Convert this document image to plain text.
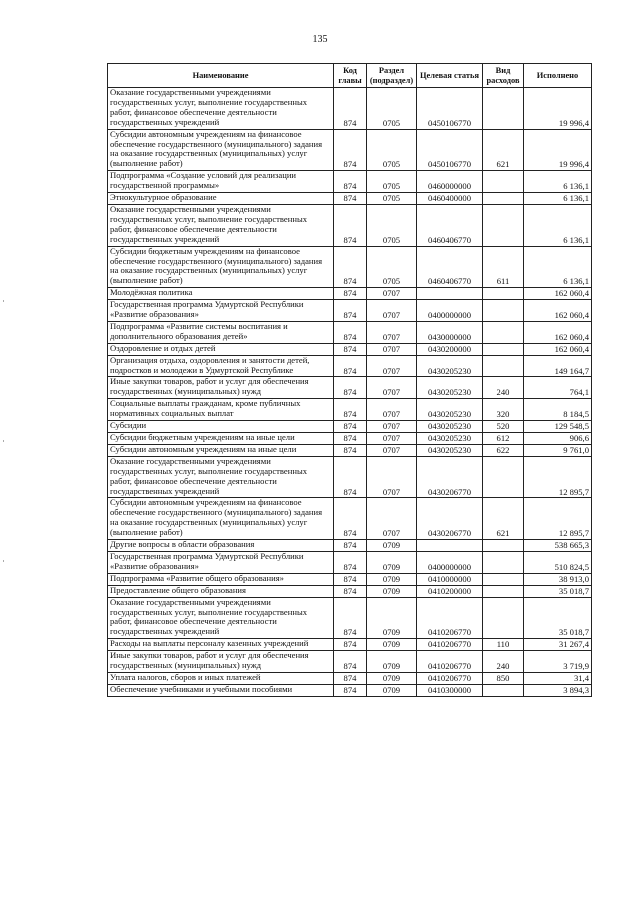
135
Наименование	Код главы	Раздел (подраздел)	Целевая статья	Вид расходов	Исполнено
Оказание государственными учреждениями государственных услуг, выполнение государственных работ, финансовое обеспечение деятельности государственных учреждений	874	0705	0450106770		19 996,4
Субсидии автономным учреждениям на финансовое обеспечение государственного (муниципального) задания на оказание государственных (муниципальных) услуг (выполнение работ)	874	0705	0450106770	621	19 996,4
Подпрограмма «Создание условий для реализации государственной программы»	874	0705	0460000000		6 136,1
Этнокультурное образование	874	0705	0460400000		6 136,1
Оказание государственными учреждениями государственных услуг, выполнение государственных работ, финансовое обеспечение деятельности государственных учреждений	874	0705	0460406770		6 136,1
Субсидии бюджетным учреждениям на финансовое обеспечение государственного (муниципального) задания на оказание государственных (муниципальных) услуг (выполнение работ)	874	0705	0460406770	611	6 136,1
Молодёжная политика	874	0707			162 060,4
Государственная программа Удмуртской Республики «Развитие образования»	874	0707	0400000000		162 060,4
Подпрограмма «Развитие системы воспитания и дополнительного образования детей»	874	0707	0430000000		162 060,4
Оздоровление и отдых детей	874	0707	0430200000		162 060,4
Организация отдыха, оздоровления и занятости детей, подростков и молодежи в Удмуртской Республике	874	0707	0430205230		149 164,7
Иные закупки товаров, работ и услуг для обеспечения государственных (муниципальных) нужд	874	0707	0430205230	240	764,1
Социальные выплаты гражданам, кроме публичных нормативных социальных выплат	874	0707	0430205230	320	8 184,5
Субсидии	874	0707	0430205230	520	129 548,5
Субсидии бюджетным учреждениям на иные цели	874	0707	0430205230	612	906,6
Субсидии автономным учреждениям на иные цели	874	0707	0430205230	622	9 761,0
Оказание государственными учреждениями государственных услуг, выполнение государственных работ, финансовое обеспечение деятельности государственных учреждений	874	0707	0430206770		12 895,7
Субсидии автономным учреждениям на финансовое обеспечение государственного (муниципального) задания на оказание государственных (муниципальных) услуг (выполнение работ)	874	0707	0430206770	621	12 895,7
Другие вопросы в области образования	874	0709			538 665,3
Государственная программа Удмуртской Республики «Развитие образования»	874	0709	0400000000		510 824,5
Подпрограмма «Развитие общего образования»	874	0709	0410000000		38 913,0
Предоставление общего образования	874	0709	0410200000		35 018,7
Оказание государственными учреждениями государственных услуг, выполнение государственных работ, финансовое обеспечение деятельности государственных учреждений	874	0709	0410206770		35 018,7
Расходы на выплаты персоналу казенных учреждений	874	0709	0410206770	110	31 267,4
Иные закупки товаров, работ и услуг для обеспечения государственных (муниципальных) нужд	874	0709	0410206770	240	3 719,9
Уплата налогов, сборов и иных платежей	874	0709	0410206770	850	31,4
Обеспечение учебниками и учебными пособиями	874	0709	0410300000		3 894,3
